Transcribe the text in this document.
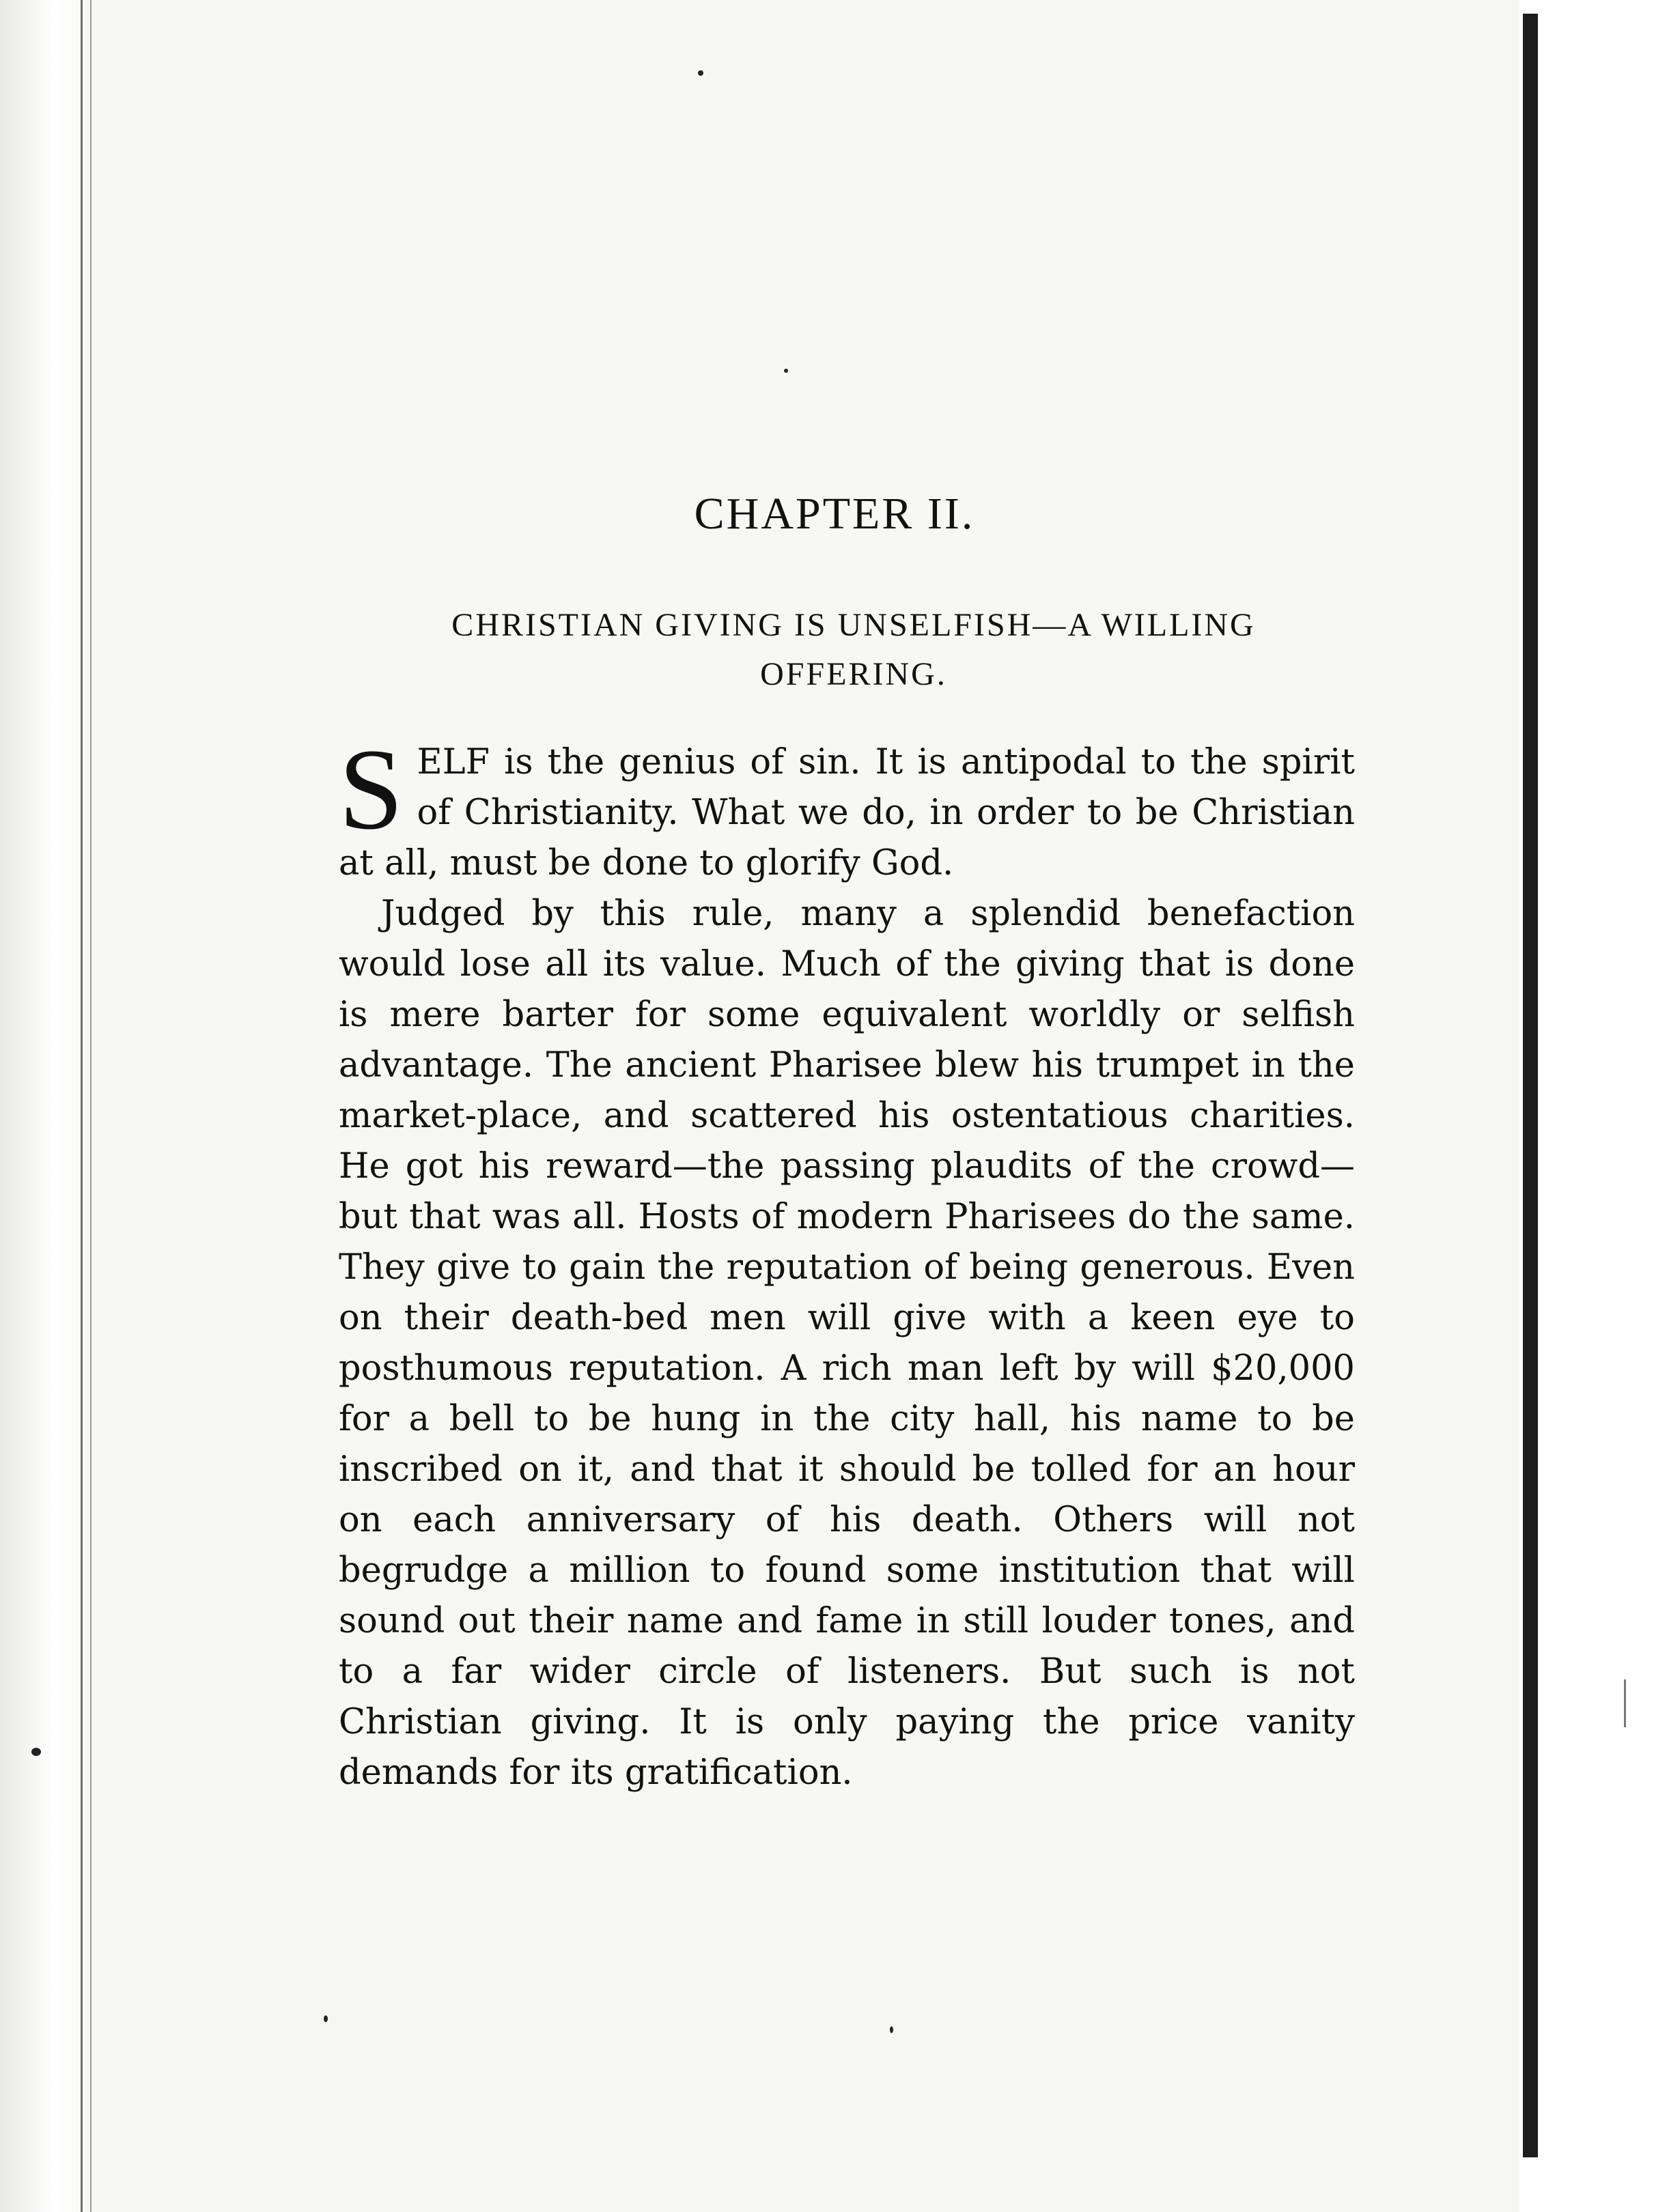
CHAPTER II.
CHRISTIAN GIVING IS UNSELFISH—A WILLING OFFERING.

SELF is the genius of sin. It is antipodal to the spirit of Christianity. What we do, in order to be Christian at all, must be done to glorify God.

Judged by this rule, many a splendid benefaction would lose all its value. Much of the giving that is done is mere barter for some equivalent worldly or selfish advantage. The ancient Pharisee blew his trumpet in the market-place, and scattered his ostentatious charities. He got his reward—the passing plaudits of the crowd—but that was all. Hosts of modern Pharisees do the same. They give to gain the reputation of being generous. Even on their death-bed men will give with a keen eye to posthumous reputation. A rich man left by will $20,000 for a bell to be hung in the city hall, his name to be inscribed on it, and that it should be tolled for an hour on each anniversary of his death. Others will not begrudge a million to found some institution that will sound out their name and fame in still louder tones, and to a far wider circle of listeners. But such is not Christian giving. It is only paying the price vanity demands for its gratification.
